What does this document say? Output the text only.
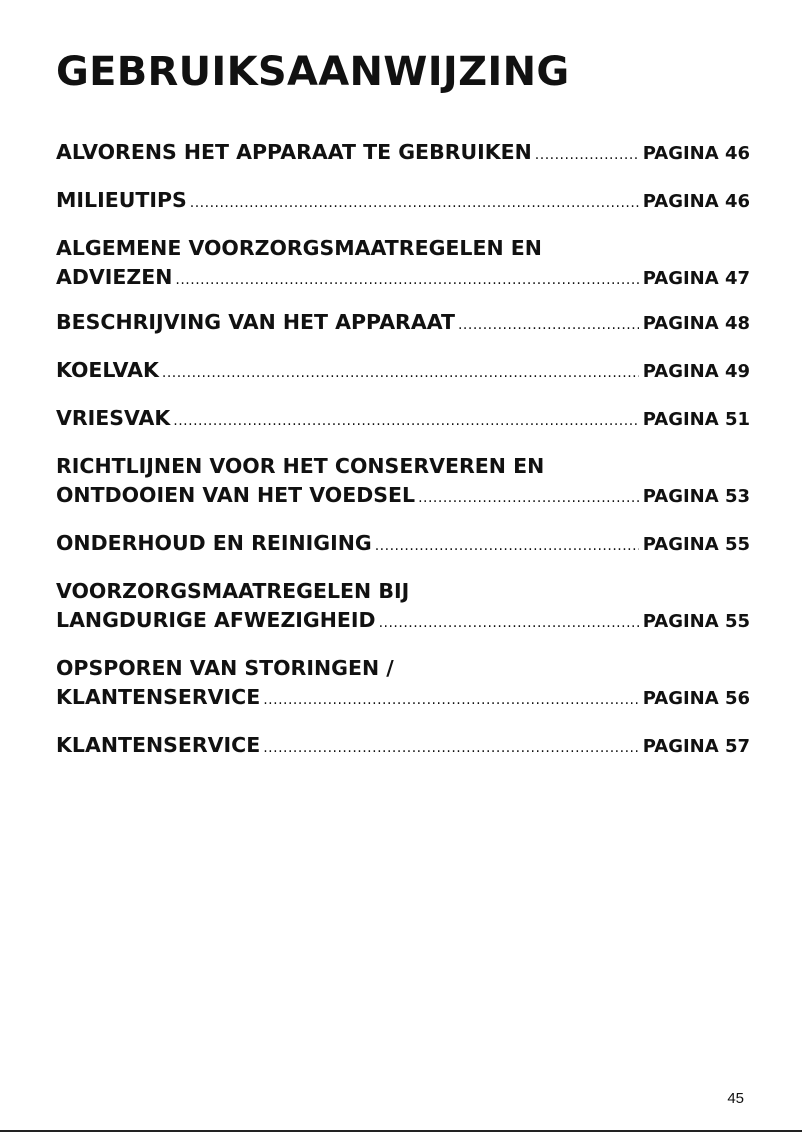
GEBRUIKSAANWIJZING
ALVORENS HET APPARAAT TE GEBRUIKEN .....	PAGINA 46
MILIEUTIPS .....	PAGINA 46
ALGEMENE VOORZORGSMAATREGELEN EN
ADVIEZEN .....	PAGINA 47
BESCHRIJVING VAN HET APPARAAT .....	PAGINA 48
KOELVAK .....	PAGINA 49
VRIESVAK .....	PAGINA 51
RICHTLIJNEN VOOR HET CONSERVEREN EN
ONTDOOIEN VAN HET VOEDSEL .....	PAGINA 53
ONDERHOUD EN REINIGING .....	PAGINA 55
VOORZORGSMAATREGELEN BIJ
LANGDURIGE AFWEZIGHEID .....	PAGINA 55
OPSPOREN VAN STORINGEN /
KLANTENSERVICE .....	PAGINA 56
KLANTENSERVICE .....	PAGINA 57
45
